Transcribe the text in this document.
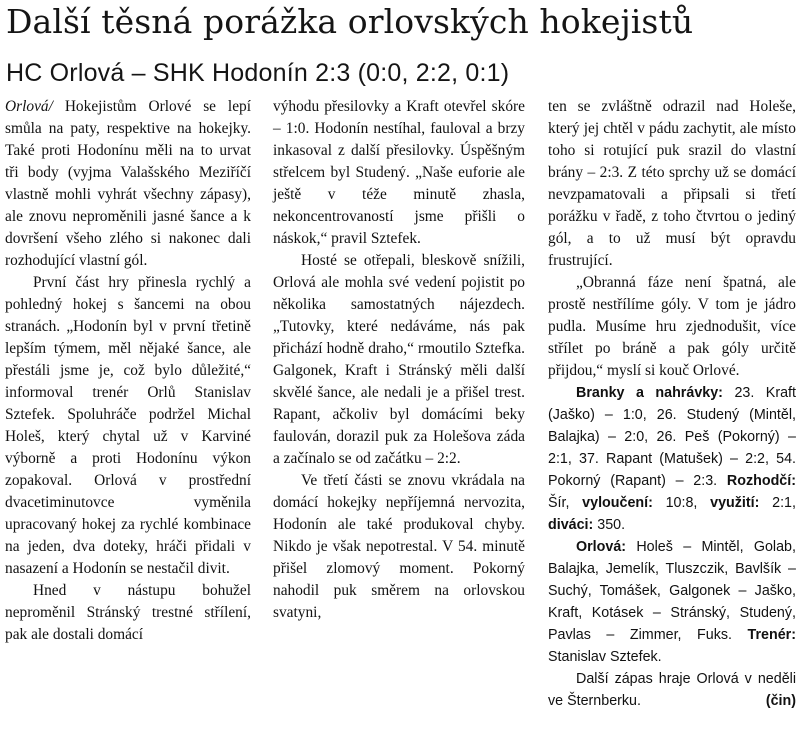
Další těsná porážka orlovských hokejistů
HC Orlová – SHK Hodonín 2:3 (0:0, 2:2, 0:1)

Orlová/ Hokejistům Orlové se lepí smůla na paty, respektive na hokejky. Také proti Hodonínu měli na to urvat tři body (vyjma Valašského Meziříčí vlastně mohli vyhrát všechny zápasy), ale znovu neproměnili jasné šance a k dovršení všeho zlého si nakonec dali rozhodující vlastní gól.

První část hry přinesla rychlý a pohledný hokej s šancemi na obou stranách. „Hodonín byl v první třetině lepším týmem, měl nějaké šance, ale přestáli jsme je, což bylo důležité,“ informoval trenér Orlů Stanislav Sztefek. Spoluhráče podržel Michal Holeš, který chytal už v Karviné výborně a proti Hodonínu výkon zopakoval. Orlová v prostřední dvacetiminutovce vyměnila upracovaný hokej za rychlé kombinace na jeden, dva doteky, hráči přidali v nasazení a Hodonín se nestačil divit.

Hned v nástupu bohužel neproměnil Stránský trestné střílení, pak ale dostali domácí

výhodu přesilovky a Kraft otevřel skóre – 1:0. Hodonín nestíhal, fauloval a brzy inkasoval z další přesilovky. Úspěšným střelcem byl Studený. „Naše euforie ale ještě v téže minutě zhasla, nekoncentrovaností jsme přišli o náskok,“ pravil Sztefek.

Hosté se otřepali, bleskově snížili, Orlová ale mohla své vedení pojistit po několika samostatných nájezdech. „Tutovky, které nedáváme, nás pak přichází hodně draho,“ rmoutilo Sztefka. Galgonek, Kraft i Stránský měli další skvělé šance, ale nedali je a přišel trest. Rapant, ačkoliv byl domácími beky faulován, dorazil puk za Holešova záda a začínalo se od začátku – 2:2.

Ve třetí části se znovu vkrádala na domácí hokejky nepříjemná nervozita, Hodonín ale také produkoval chyby. Nikdo je však nepotrestal. V 54. minutě přišel zlomový moment. Pokorný nahodil puk směrem na orlovskou svatyni,

ten se zvláštně odrazil nad Holeše, který jej chtěl v pádu zachytit, ale místo toho si rotující puk srazil do vlastní brány – 2:3. Z této sprchy už se domácí nevzpamatovali a připsali si třetí porážku v řadě, z toho čtvrtou o jediný gól, a to už musí být opravdu frustrující.

„Obranná fáze není špatná, ale prostě nestřílíme góly. V tom je jádro pudla. Musíme hru zjednodušit, více střílet po bráně a pak góly určitě přijdou,“ myslí si kouč Orlové.

Branky a nahrávky: 23. Kraft (Jaško) – 1:0, 26. Studený (Mintěl, Balajka) – 2:0, 26. Peš (Pokorný) – 2:1, 37. Rapant (Matušek) – 2:2, 54. Pokorný (Rapant) – 2:3. Rozhodčí: Šír, vyloučení: 10:8, využití: 2:1, diváci: 350.

Orlová: Holeš – Mintěl, Golab, Balajka, Jemelík, Tluszczik, Bavlšík – Suchý, Tomášek, Galgonek – Jaško, Kraft, Kotásek – Stránský, Studený, Pavlas – Zimmer, Fuks. Trenér: Stanislav Sztefek.

Další zápas hraje Orlová v neděli ve Šternberku.	(čin)
